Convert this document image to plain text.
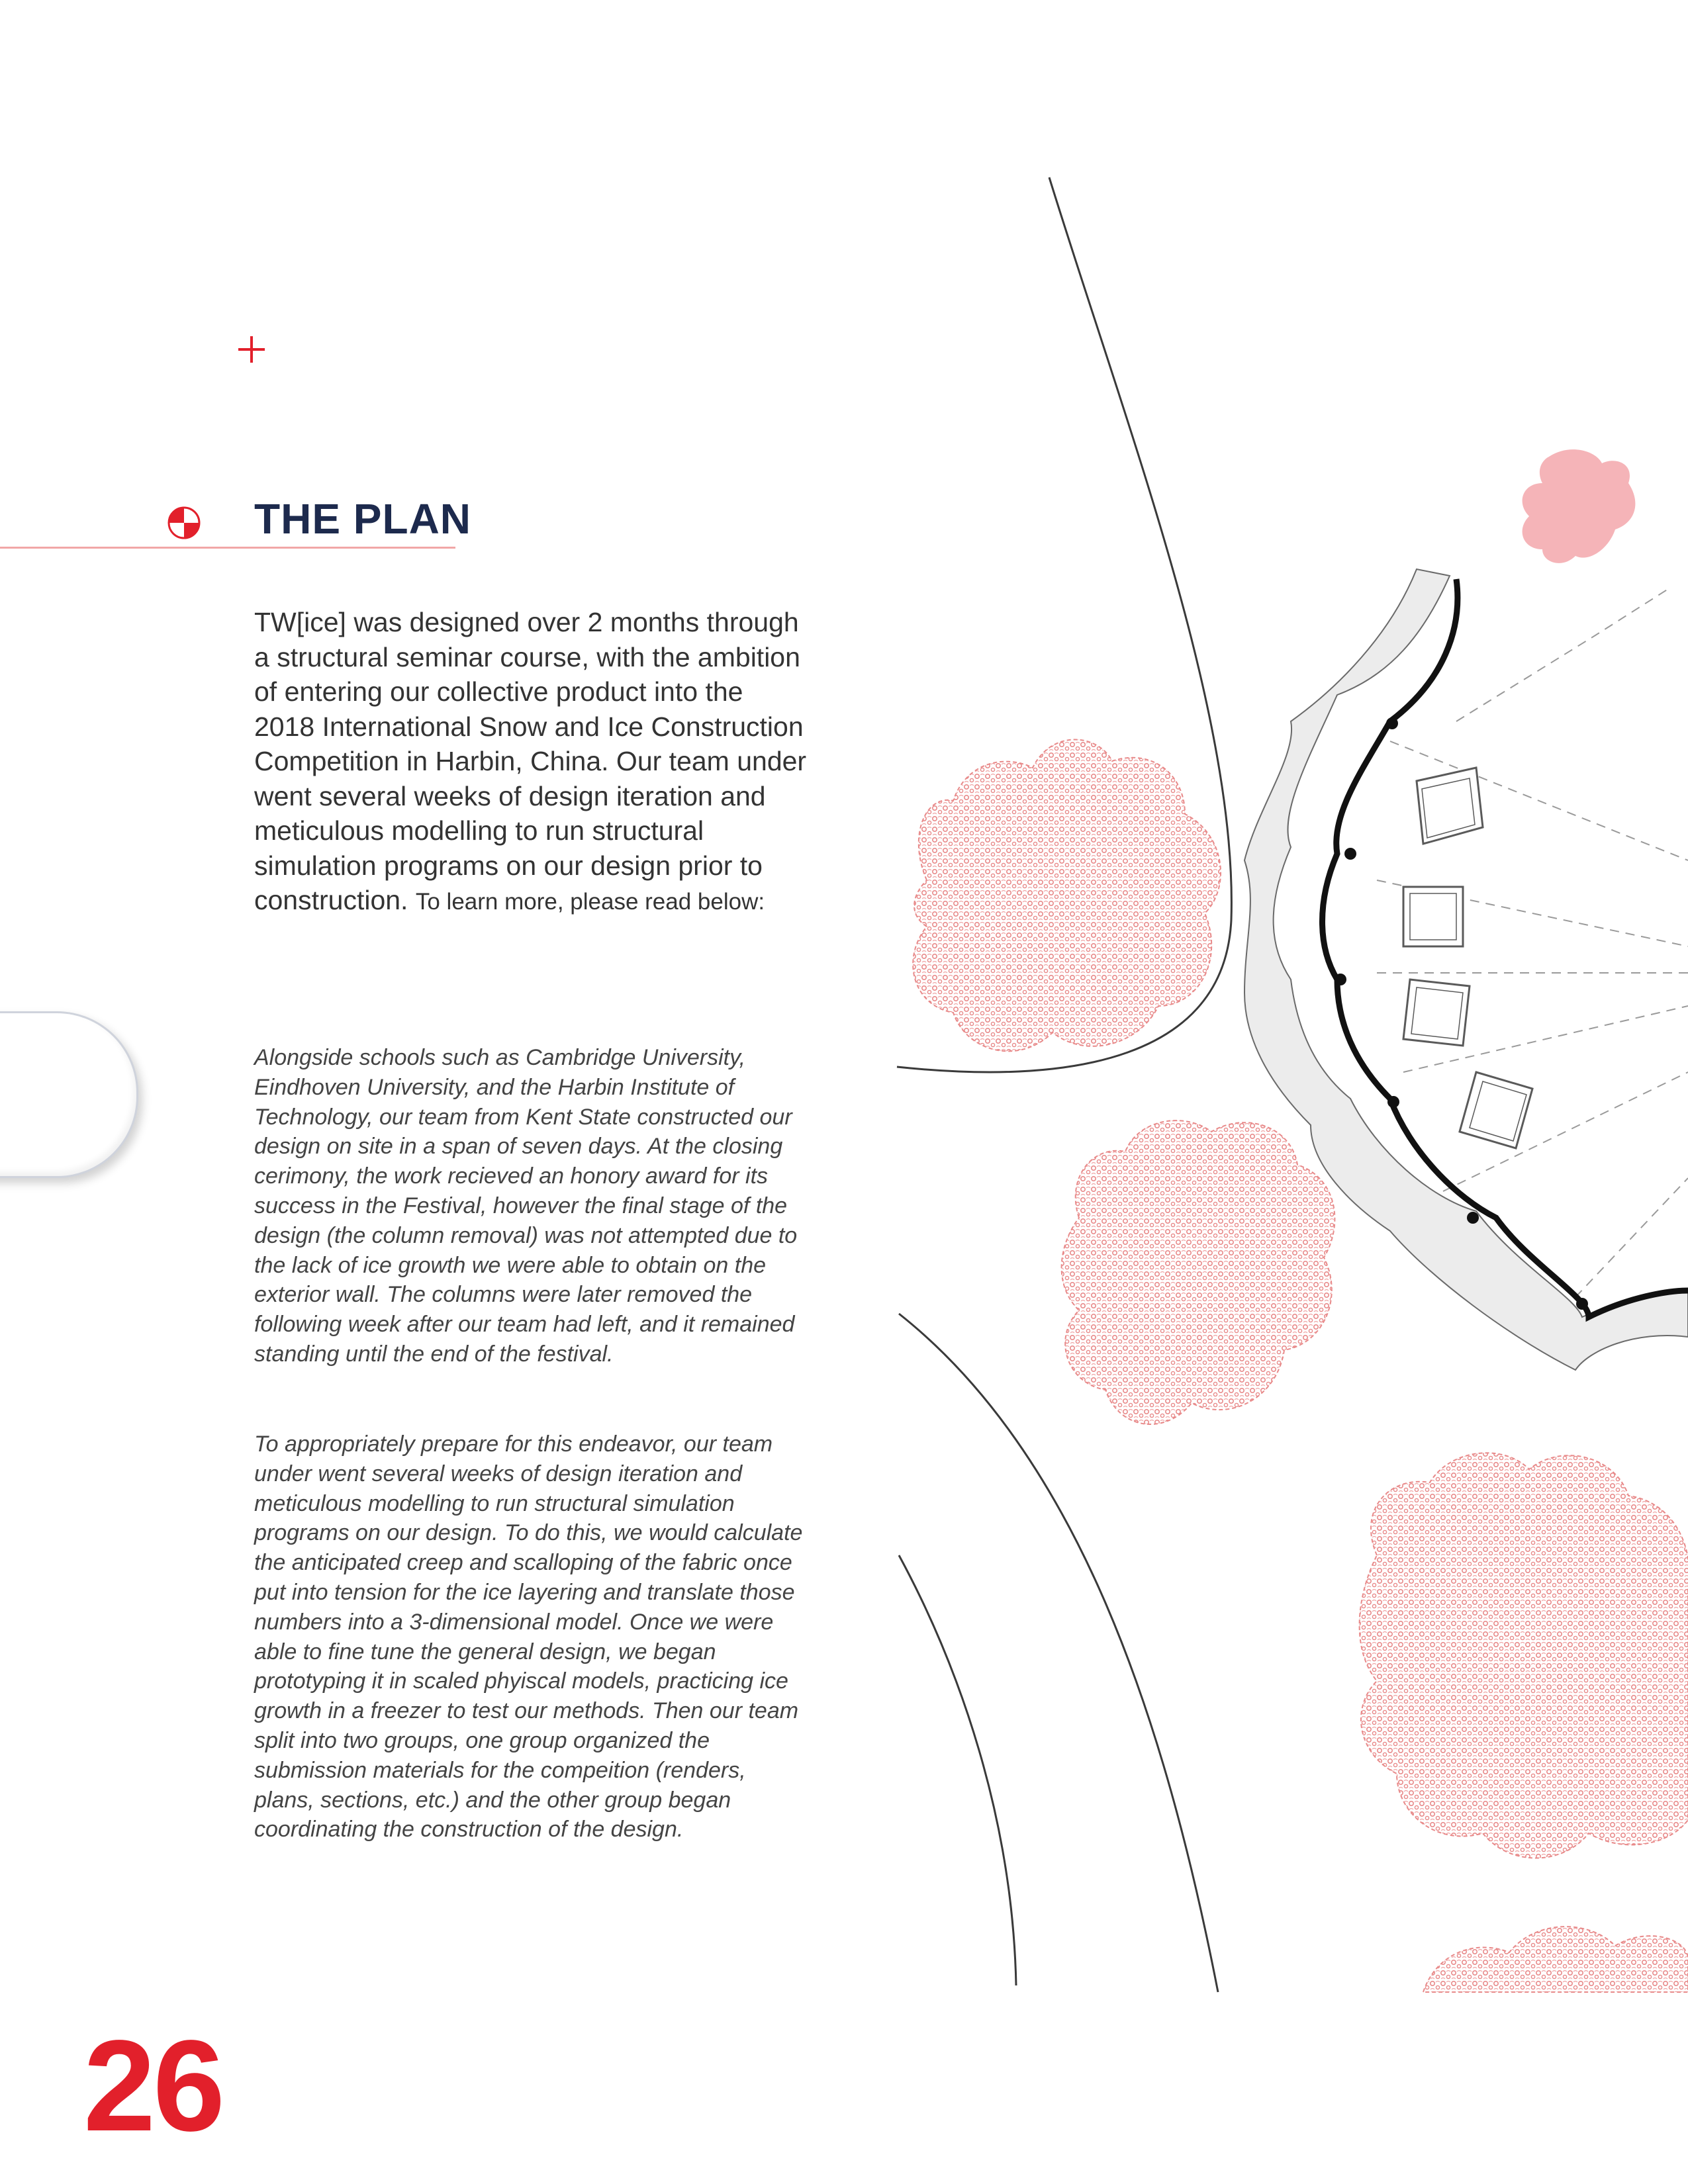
THE PLAN

TW[ice] was designed over 2 months through a structural seminar course, with the ambition of entering our collective product into the 2018 International Snow and Ice Construction Competition in Harbin, China. Our team under went several weeks of design iteration and meticulous modelling to run structural simulation programs on our design prior to construction. To learn more, please read below:

Alongside schools such as Cambridge University, Eindhoven University, and the Harbin Institute of Technology, our team from Kent State constructed our design on site in a span of seven days. At the closing cerimony, the work recieved an honory award for its success in the Festival, however the final stage of the design (the column removal) was not attempted due to the lack of ice growth we were able to obtain on the exterior wall. The columns were later removed the following week after our team had left, and it remained standing until the end of the festival.

To appropriately prepare for this endeavor, our team under went several weeks of design iteration and meticulous modelling to run structural simulation programs on our design. To do this, we would calculate the anticipated creep and scalloping of the fabric once put into tension for the ice layering and translate those numbers into a 3-dimensional model. Once we were able to fine tune the general design, we began prototyping it in scaled phyiscal models, practicing ice growth in a freezer to test our methods. Then our team split into two groups, one group organized the submission materials for the compeition (renders, plans, sections, etc.) and the other group began coordinating the construction of the design.

26
